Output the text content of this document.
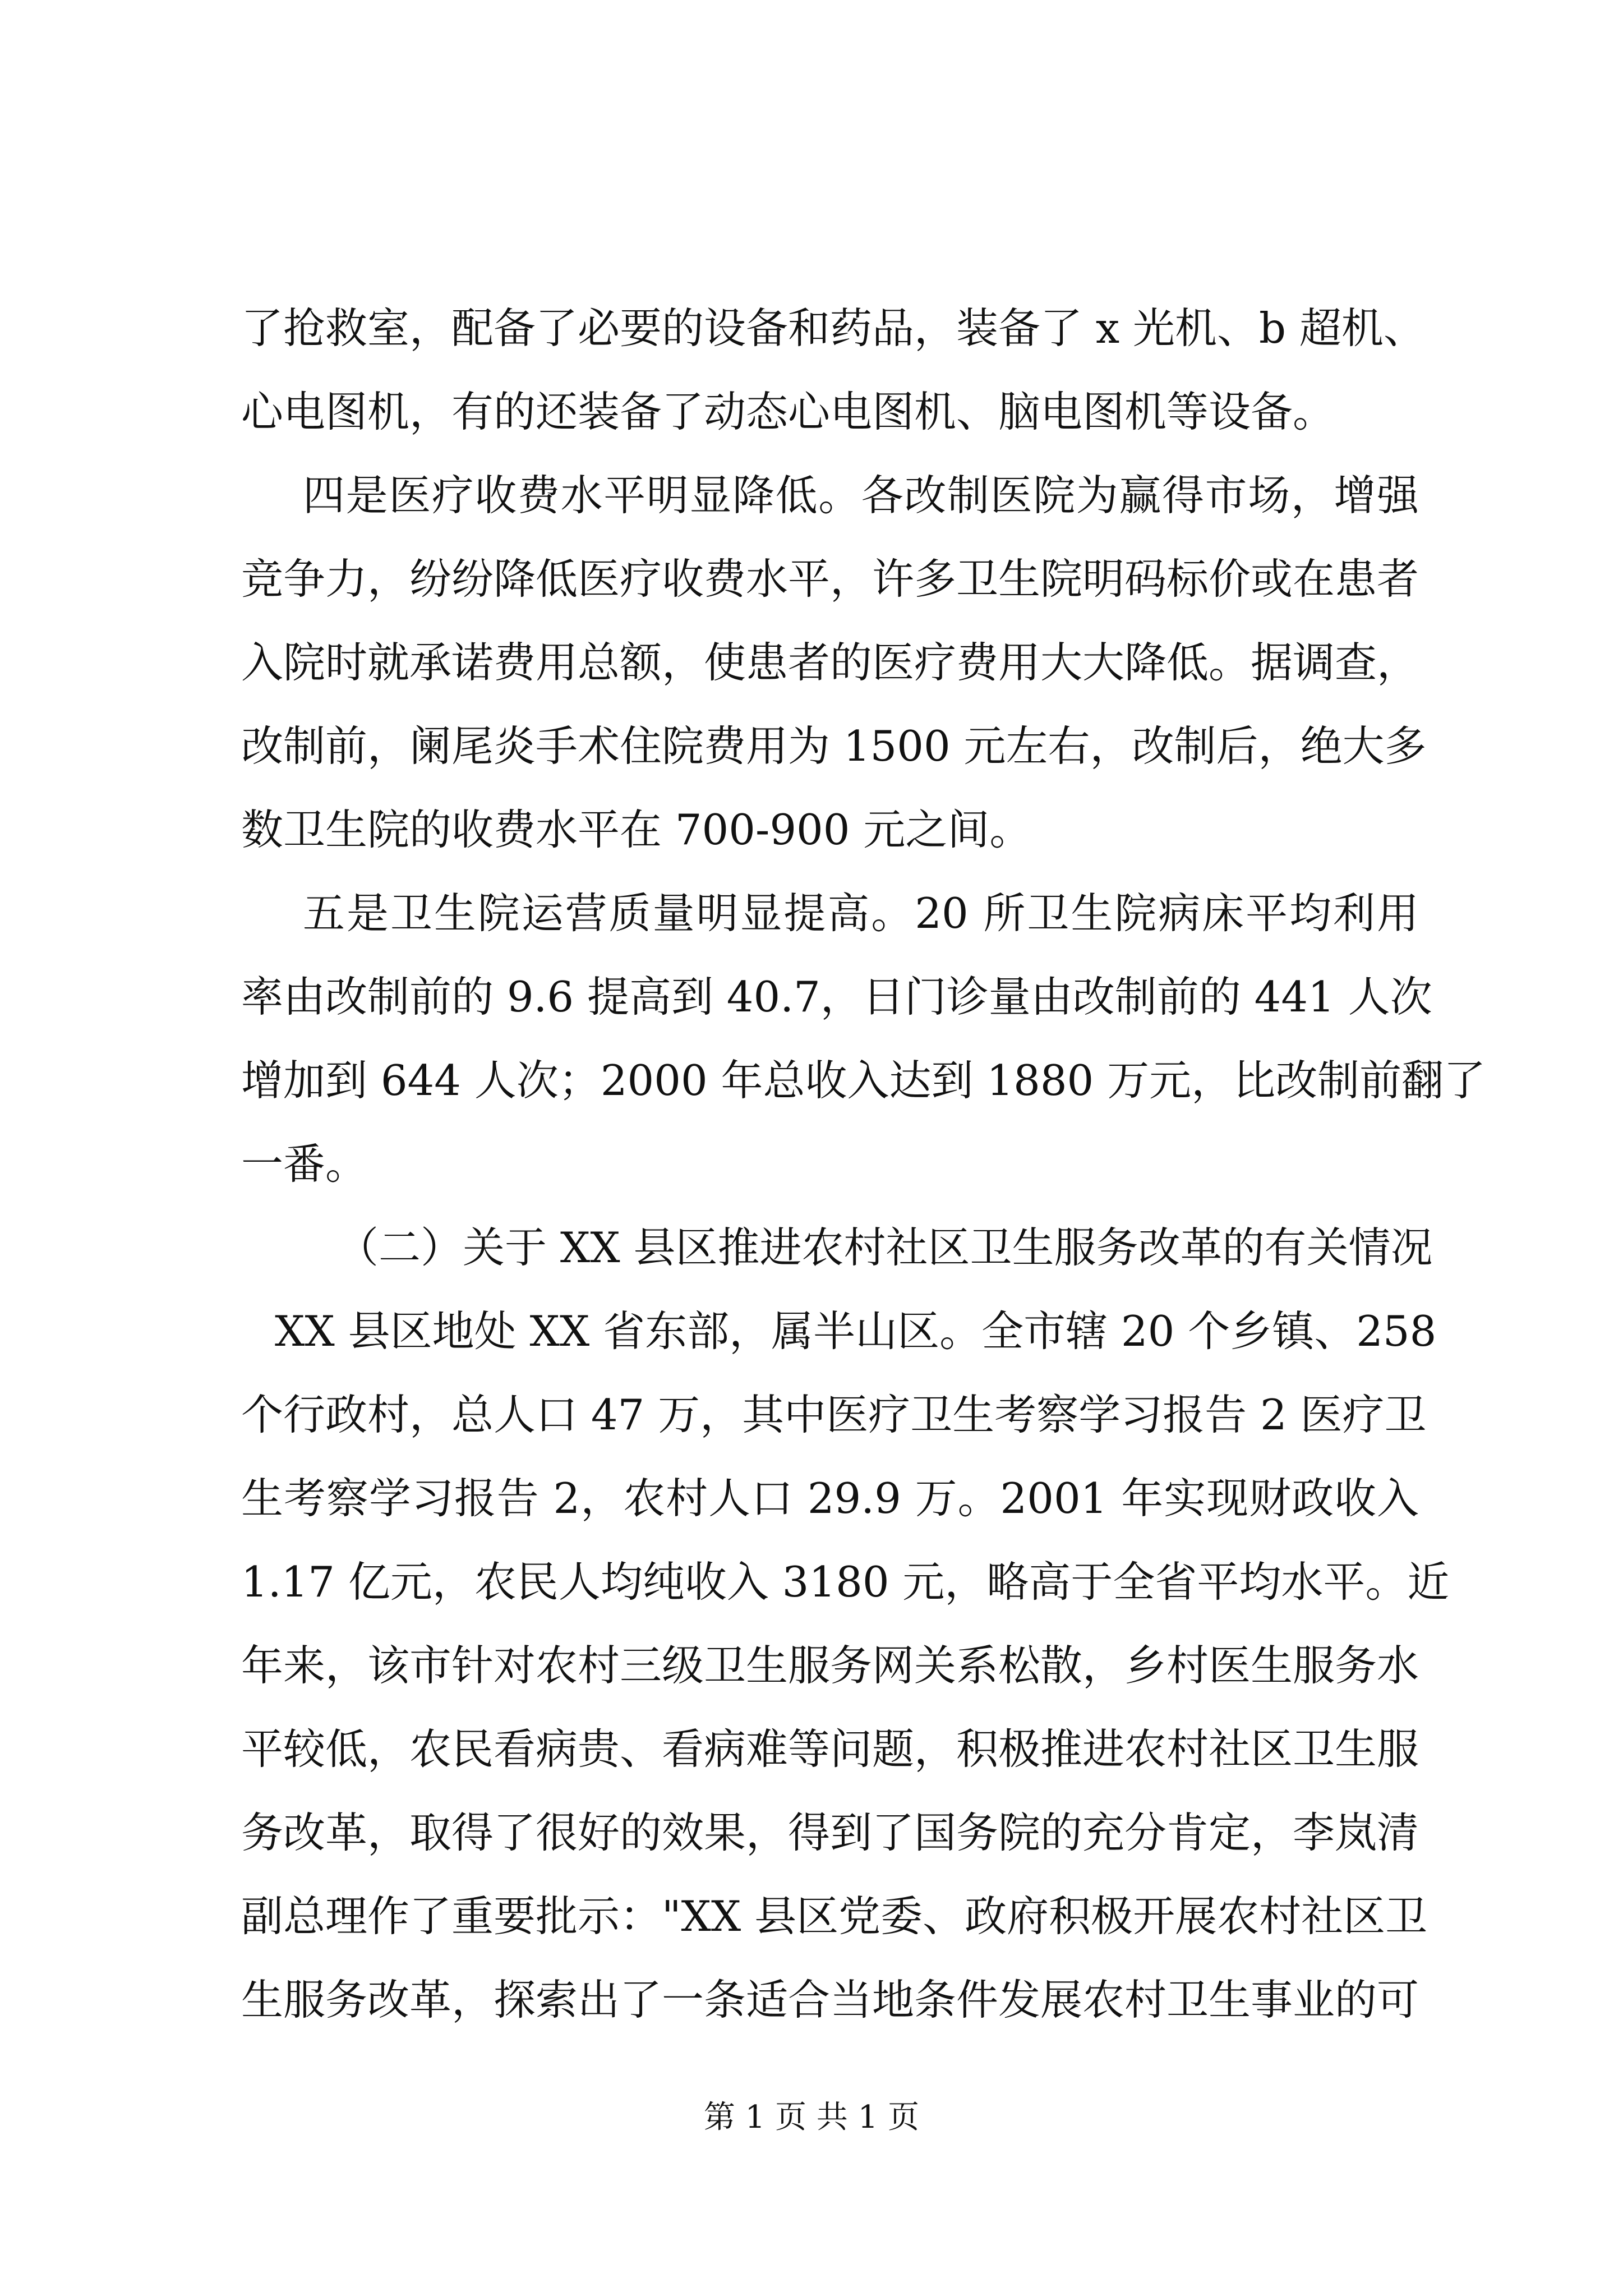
了抢救室，配备了必要的设备和药品，装备了 x 光机、b 超机、
心电图机，有的还装备了动态心电图机、脑电图机等设备。
四是医疗收费水平明显降低。各改制医院为赢得市场，增强
竞争力，纷纷降低医疗收费水平，许多卫生院明码标价或在患者
入院时就承诺费用总额，使患者的医疗费用大大降低。据调查，
改制前，阑尾炎手术住院费用为 1500 元左右，改制后，绝大多
数卫生院的收费水平在 700-900 元之间。
五是卫生院运营质量明显提高。20 所卫生院病床平均利用
率由改制前的 9.6 提高到 40.7，日门诊量由改制前的 441 人次
增加到 644 人次；2000 年总收入达到 1880 万元，比改制前翻了
一番。
（二）关于 XX 县区推进农村社区卫生服务改革的有关情况
XX 县区地处 XX 省东部，属半山区。全市辖 20 个乡镇、258
个行政村，总人口 47 万，其中医疗卫生考察学习报告 2 医疗卫
生考察学习报告 2，农村人口 29.9 万。2001 年实现财政收入
1.17 亿元，农民人均纯收入 3180 元，略高于全省平均水平。近
年来，该市针对农村三级卫生服务网关系松散，乡村医生服务水
平较低，农民看病贵、看病难等问题，积极推进农村社区卫生服
务改革，取得了很好的效果，得到了国务院的充分肯定，李岚清
副总理作了重要批示："XX 县区党委、政府积极开展农村社区卫
生服务改革，探索出了一条适合当地条件发展农村卫生事业的可
第 1 页 共 1 页
